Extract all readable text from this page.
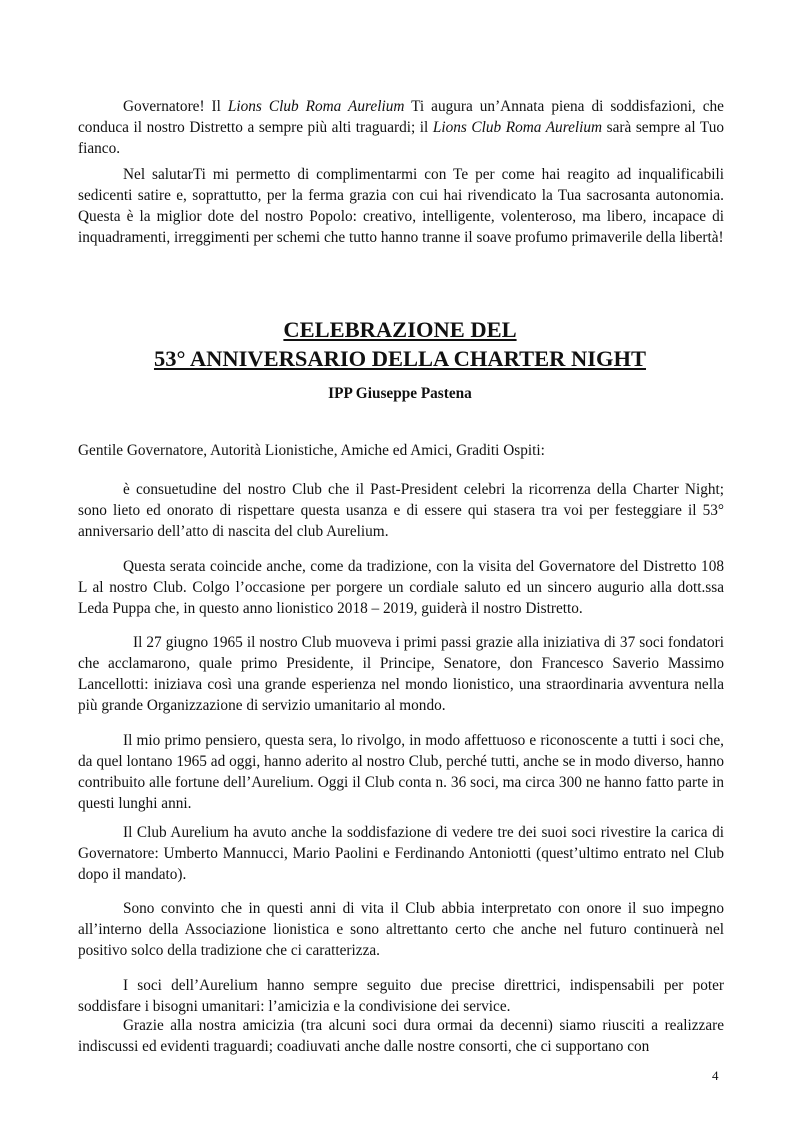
Governatore! Il Lions Club Roma Aurelium Ti augura un’Annata piena di soddisfazioni, che conduca il nostro Distretto a sempre più alti traguardi; il Lions Club Roma Aurelium sarà sempre al Tuo fianco.

Nel salutarTi mi permetto di complimentarmi con Te per come hai reagito ad inqualificabili sedicenti satire e, soprattutto, per la ferma grazia con cui hai rivendicato la Tua sacrosanta autonomia. Questa è la miglior dote del nostro Popolo: creativo, intelligente, volenteroso, ma libero, incapace di inquadramenti, irreggimenti per schemi che tutto hanno tranne il soave profumo primaverile della libertà!

CELEBRAZIONE DEL
53° ANNIVERSARIO DELLA CHARTER NIGHT
IPP Giuseppe Pastena

Gentile Governatore, Autorità Lionistiche, Amiche ed Amici, Graditi Ospiti:

è consuetudine del nostro Club che il Past-President celebri la ricorrenza della Charter Night; sono lieto ed onorato di rispettare questa usanza e di essere qui stasera tra voi per festeggiare il 53° anniversario dell’atto di nascita del club Aurelium.

Questa serata coincide anche, come da tradizione, con la visita del Governatore del Distretto 108 L al nostro Club. Colgo l’occasione per porgere un cordiale saluto ed un sincero augurio alla dott.ssa Leda Puppa che, in questo anno lionistico 2018 – 2019, guiderà il nostro Distretto.

Il 27 giugno 1965 il nostro Club muoveva i primi passi grazie alla iniziativa di 37 soci fondatori che acclamarono, quale primo Presidente, il Principe, Senatore, don Francesco Saverio Massimo Lancellotti: iniziava così una grande esperienza nel mondo lionistico, una straordinaria avventura nella più grande Organizzazione di servizio umanitario al mondo.

Il mio primo pensiero, questa sera, lo rivolgo, in modo affettuoso e riconoscente a tutti i soci che, da quel lontano 1965 ad oggi, hanno aderito al nostro Club, perché tutti, anche se in modo diverso, hanno contribuito alle fortune dell’Aurelium. Oggi il Club conta n. 36 soci, ma circa 300 ne hanno fatto parte in questi lunghi anni.

Il Club Aurelium ha avuto anche la soddisfazione di vedere tre dei suoi soci rivestire la carica di Governatore: Umberto Mannucci, Mario Paolini e Ferdinando Antoniotti (quest’ultimo entrato nel Club dopo il mandato).

Sono convinto che in questi anni di vita il Club abbia interpretato con onore il suo impegno all’interno della Associazione lionistica e sono altrettanto certo che anche nel futuro continuerà nel positivo solco della tradizione che ci caratterizza.

I soci dell’Aurelium hanno sempre seguito due precise direttrici, indispensabili per poter soddisfare i bisogni umanitari: l’amicizia e la condivisione dei service.

Grazie alla nostra amicizia (tra alcuni soci dura ormai da decenni) siamo riusciti a realizzare indiscussi ed evidenti traguardi; coadiuvati anche dalle nostre consorti, che ci supportano con

4
